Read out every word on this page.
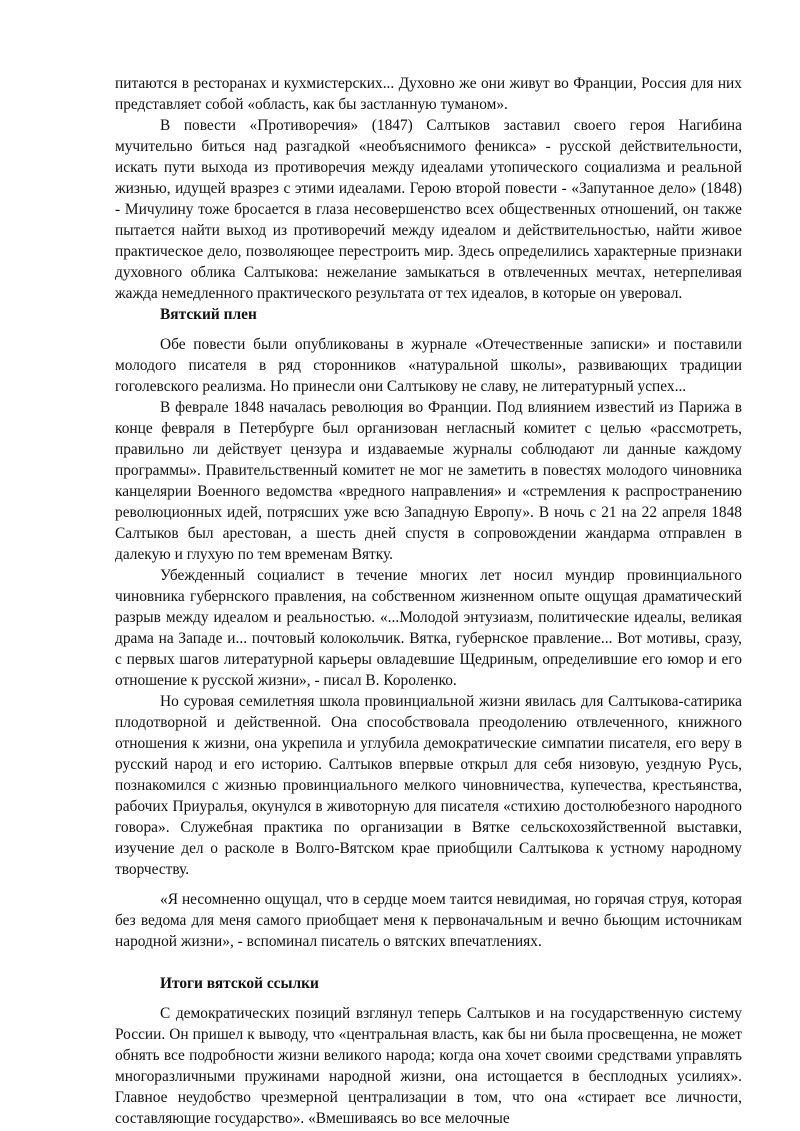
питаются в ресторанах и кухмистерских... Духовно же они живут во Франции, Россия для них представляет собой «область, как бы застланную туманом».

В повести «Противоречия» (1847) Салтыков заставил своего героя Нагибина мучительно биться над разгадкой «необъяснимого феникса» - русской действительности, искать пути выхода из противоречия между идеалами утопического социализма и реальной жизнью, идущей вразрез с этими идеалами. Герою второй повести - «Запутанное дело» (1848) - Мичулину тоже бросается в глаза несовершенство всех общественных отношений, он также пытается найти выход из противоречий между идеалом и действительностью, найти живое практическое дело, позволяющее перестроить мир. Здесь определились характерные признаки духовного облика Салтыкова: нежелание замыкаться в отвлеченных мечтах, нетерпеливая жажда немедленного практического результата от тех идеалов, в которые он уверовал.

Вятский плен

Обе повести были опубликованы в журнале «Отечественные записки» и поставили молодого писателя в ряд сторонников «натуральной школы», развивающих традиции гоголевского реализма. Но принесли они Салтыкову не славу, не литературный успех...

В феврале 1848 началась революция во Франции. Под влиянием известий из Парижа в конце февраля в Петербурге был организован негласный комитет с целью «рассмотреть, правильно ли действует цензура и издаваемые журналы соблюдают ли данные каждому программы». Правительственный комитет не мог не заметить в повестях молодого чиновника канцелярии Военного ведомства «вредного направления» и «стремления к распространению революционных идей, потрясших уже всю Западную Европу». В ночь с 21 на 22 апреля 1848 Салтыков был арестован, а шесть дней спустя в сопровождении жандарма отправлен в далекую и глухую по тем временам Вятку.

Убежденный социалист в течение многих лет носил мундир провинциального чиновника губернского правления, на собственном жизненном опыте ощущая драматический разрыв между идеалом и реальностью. «...Молодой энтузиазм, политические идеалы, великая драма на Западе и... почтовый колокольчик. Вятка, губернское правление... Вот мотивы, сразу, с первых шагов литературной карьеры овладевшие Щедриным, определившие его юмор и его отношение к русской жизни», - писал В. Короленко.

Но суровая семилетняя школа провинциальной жизни явилась для Салтыкова-сатирика плодотворной и действенной. Она способствовала преодолению отвлеченного, книжного отношения к жизни, она укрепила и углубила демократические симпатии писателя, его веру в русский народ и его историю. Салтыков впервые открыл для себя низовую, уездную Русь, познакомился с жизнью провинциального мелкого чиновничества, купечества, крестьянства, рабочих Приуралья, окунулся в животорную для писателя «стихию достолюбезного народного говора». Служебная практика по организации в Вятке сельскохозяйственной выставки, изучение дел о расколе в Волго-Вятском крае приобщили Салтыкова к устному народному творчеству.

«Я несомненно ощущал, что в сердце моем таится невидимая, но горячая струя, которая без ведома для меня самого приобщает меня к первоначальным и вечно бьющим источникам народной жизни», - вспоминал писатель о вятских впечатлениях.

Итоги вятской ссылки

С демократических позиций взглянул теперь Салтыков и на государственную систему России. Он пришел к выводу, что «центральная власть, как бы ни была просвещенна, не может обнять все подробности жизни великого народа; когда она хочет своими средствами управлять многоразличными пружинами народной жизни, она истощается в бесплодных усилиях». Главное неудобство чрезмерной централизации в том, что она «стирает все личности, составляющие государство». «Вмешиваясь во все мелочные
